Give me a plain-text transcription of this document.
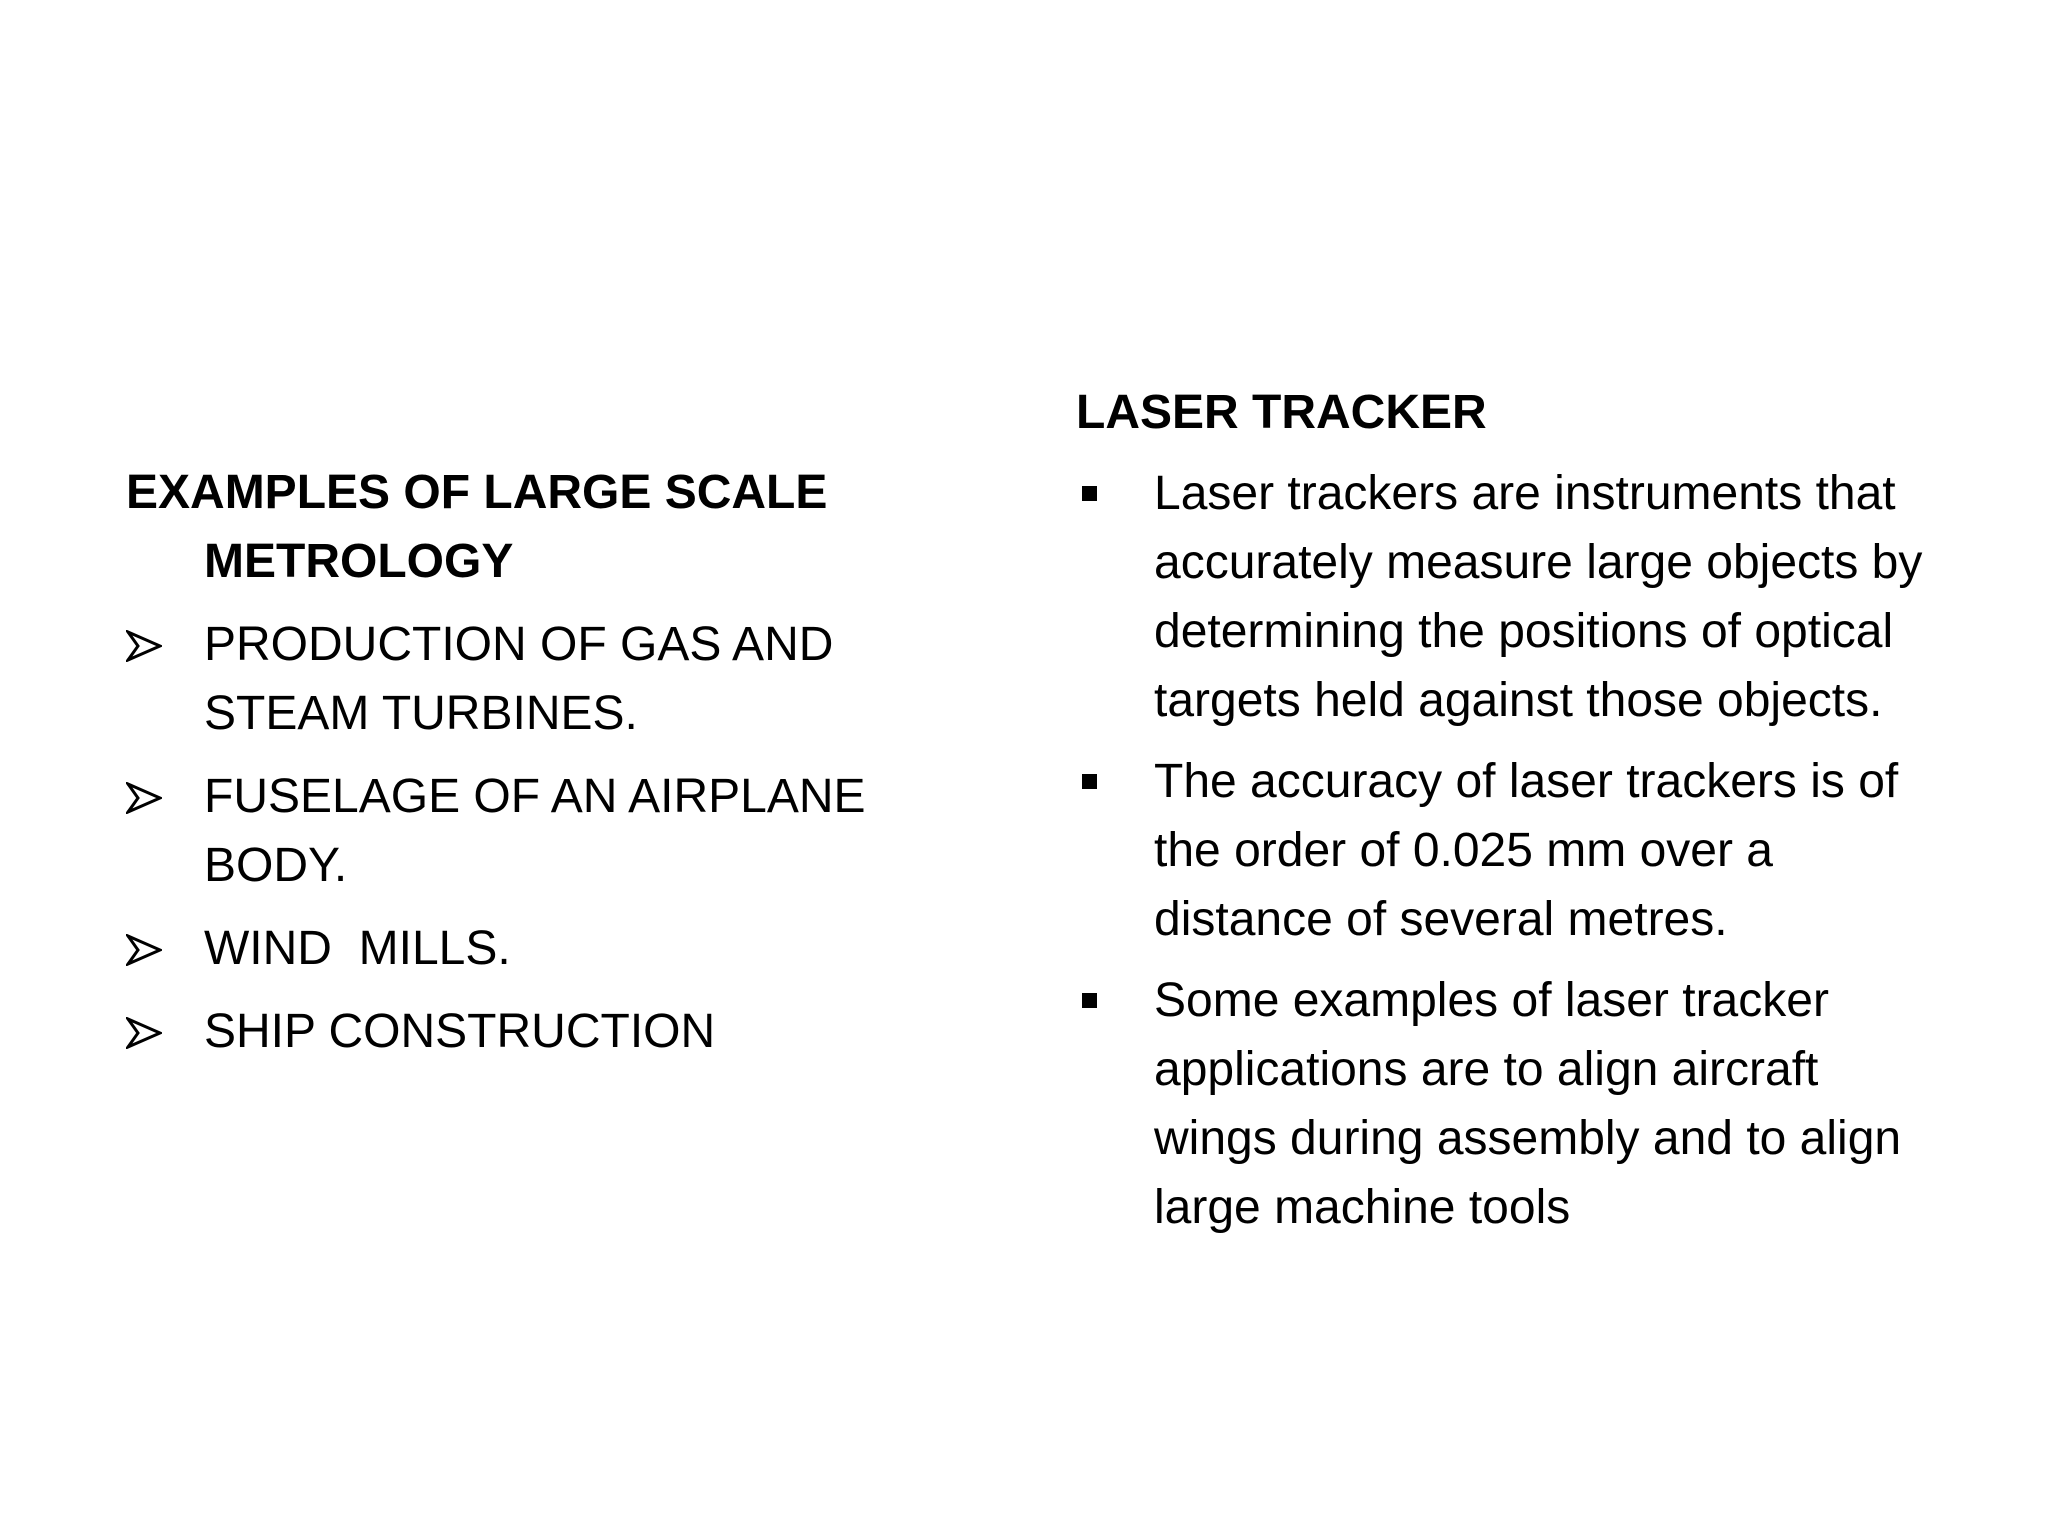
EXAMPLES OF LARGE SCALE METROLOGY

PRODUCTION OF GAS AND STEAM TURBINES.
FUSELAGE OF AN AIRPLANE BODY.
WIND  MILLS.
SHIP CONSTRUCTION

LASER TRACKER

Laser trackers are instruments that accurately measure large objects by determining the positions of optical targets held against those objects.
The accuracy of laser trackers is of the order of 0.025 mm over a distance of several metres.
Some examples of laser tracker applications are to align aircraft wings during assembly and to align large machine tools
